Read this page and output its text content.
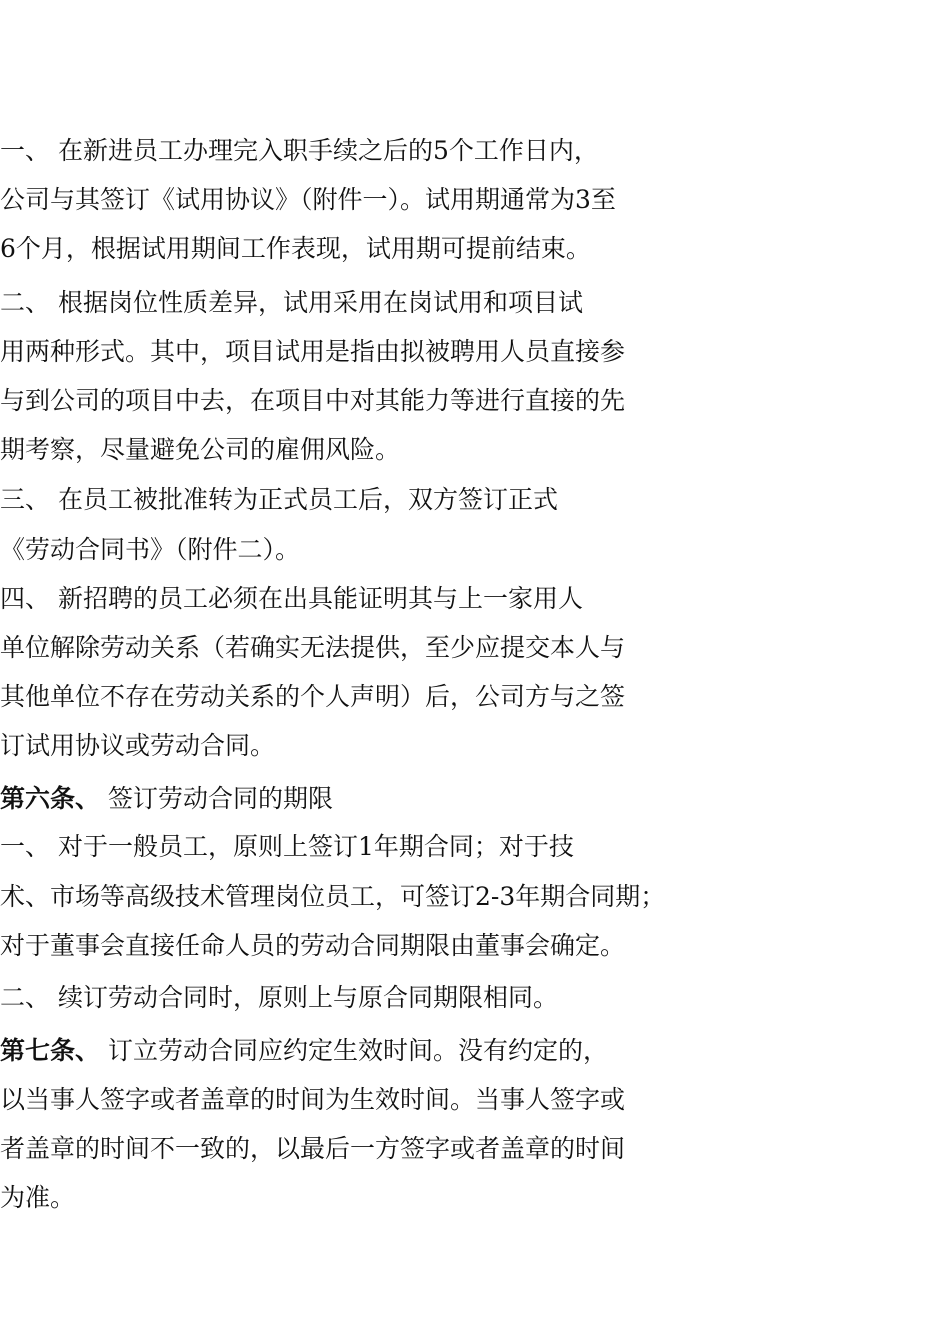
一、 在新进员工办理完入职手续之后的5个工作日内，
公司与其签订《试用协议》（附件一）。试用期通常为3至
6个月，根据试用期间工作表现，试用期可提前结束。
二、 根据岗位性质差异，试用采用在岗试用和项目试
用两种形式。其中，项目试用是指由拟被聘用人员直接参
与到公司的项目中去，在项目中对其能力等进行直接的先
期考察，尽量避免公司的雇佣风险。
三、 在员工被批准转为正式员工后，双方签订正式
《劳动合同书》（附件二）。
四、 新招聘的员工必须在出具能证明其与上一家用人
单位解除劳动关系（若确实无法提供，至少应提交本人与
其他单位不存在劳动关系的个人声明）后，公司方与之签
订试用协议或劳动合同。
第六条、 签订劳动合同的期限
一、 对于一般员工，原则上签订1年期合同；对于技
术、市场等高级技术管理岗位员工，可签订2-3年期合同期；
对于董事会直接任命人员的劳动合同期限由董事会确定。
二、 续订劳动合同时，原则上与原合同期限相同。
第七条、 订立劳动合同应约定生效时间。没有约定的，
以当事人签字或者盖章的时间为生效时间。当事人签字或
者盖章的时间不一致的，以最后一方签字或者盖章的时间
为准。
